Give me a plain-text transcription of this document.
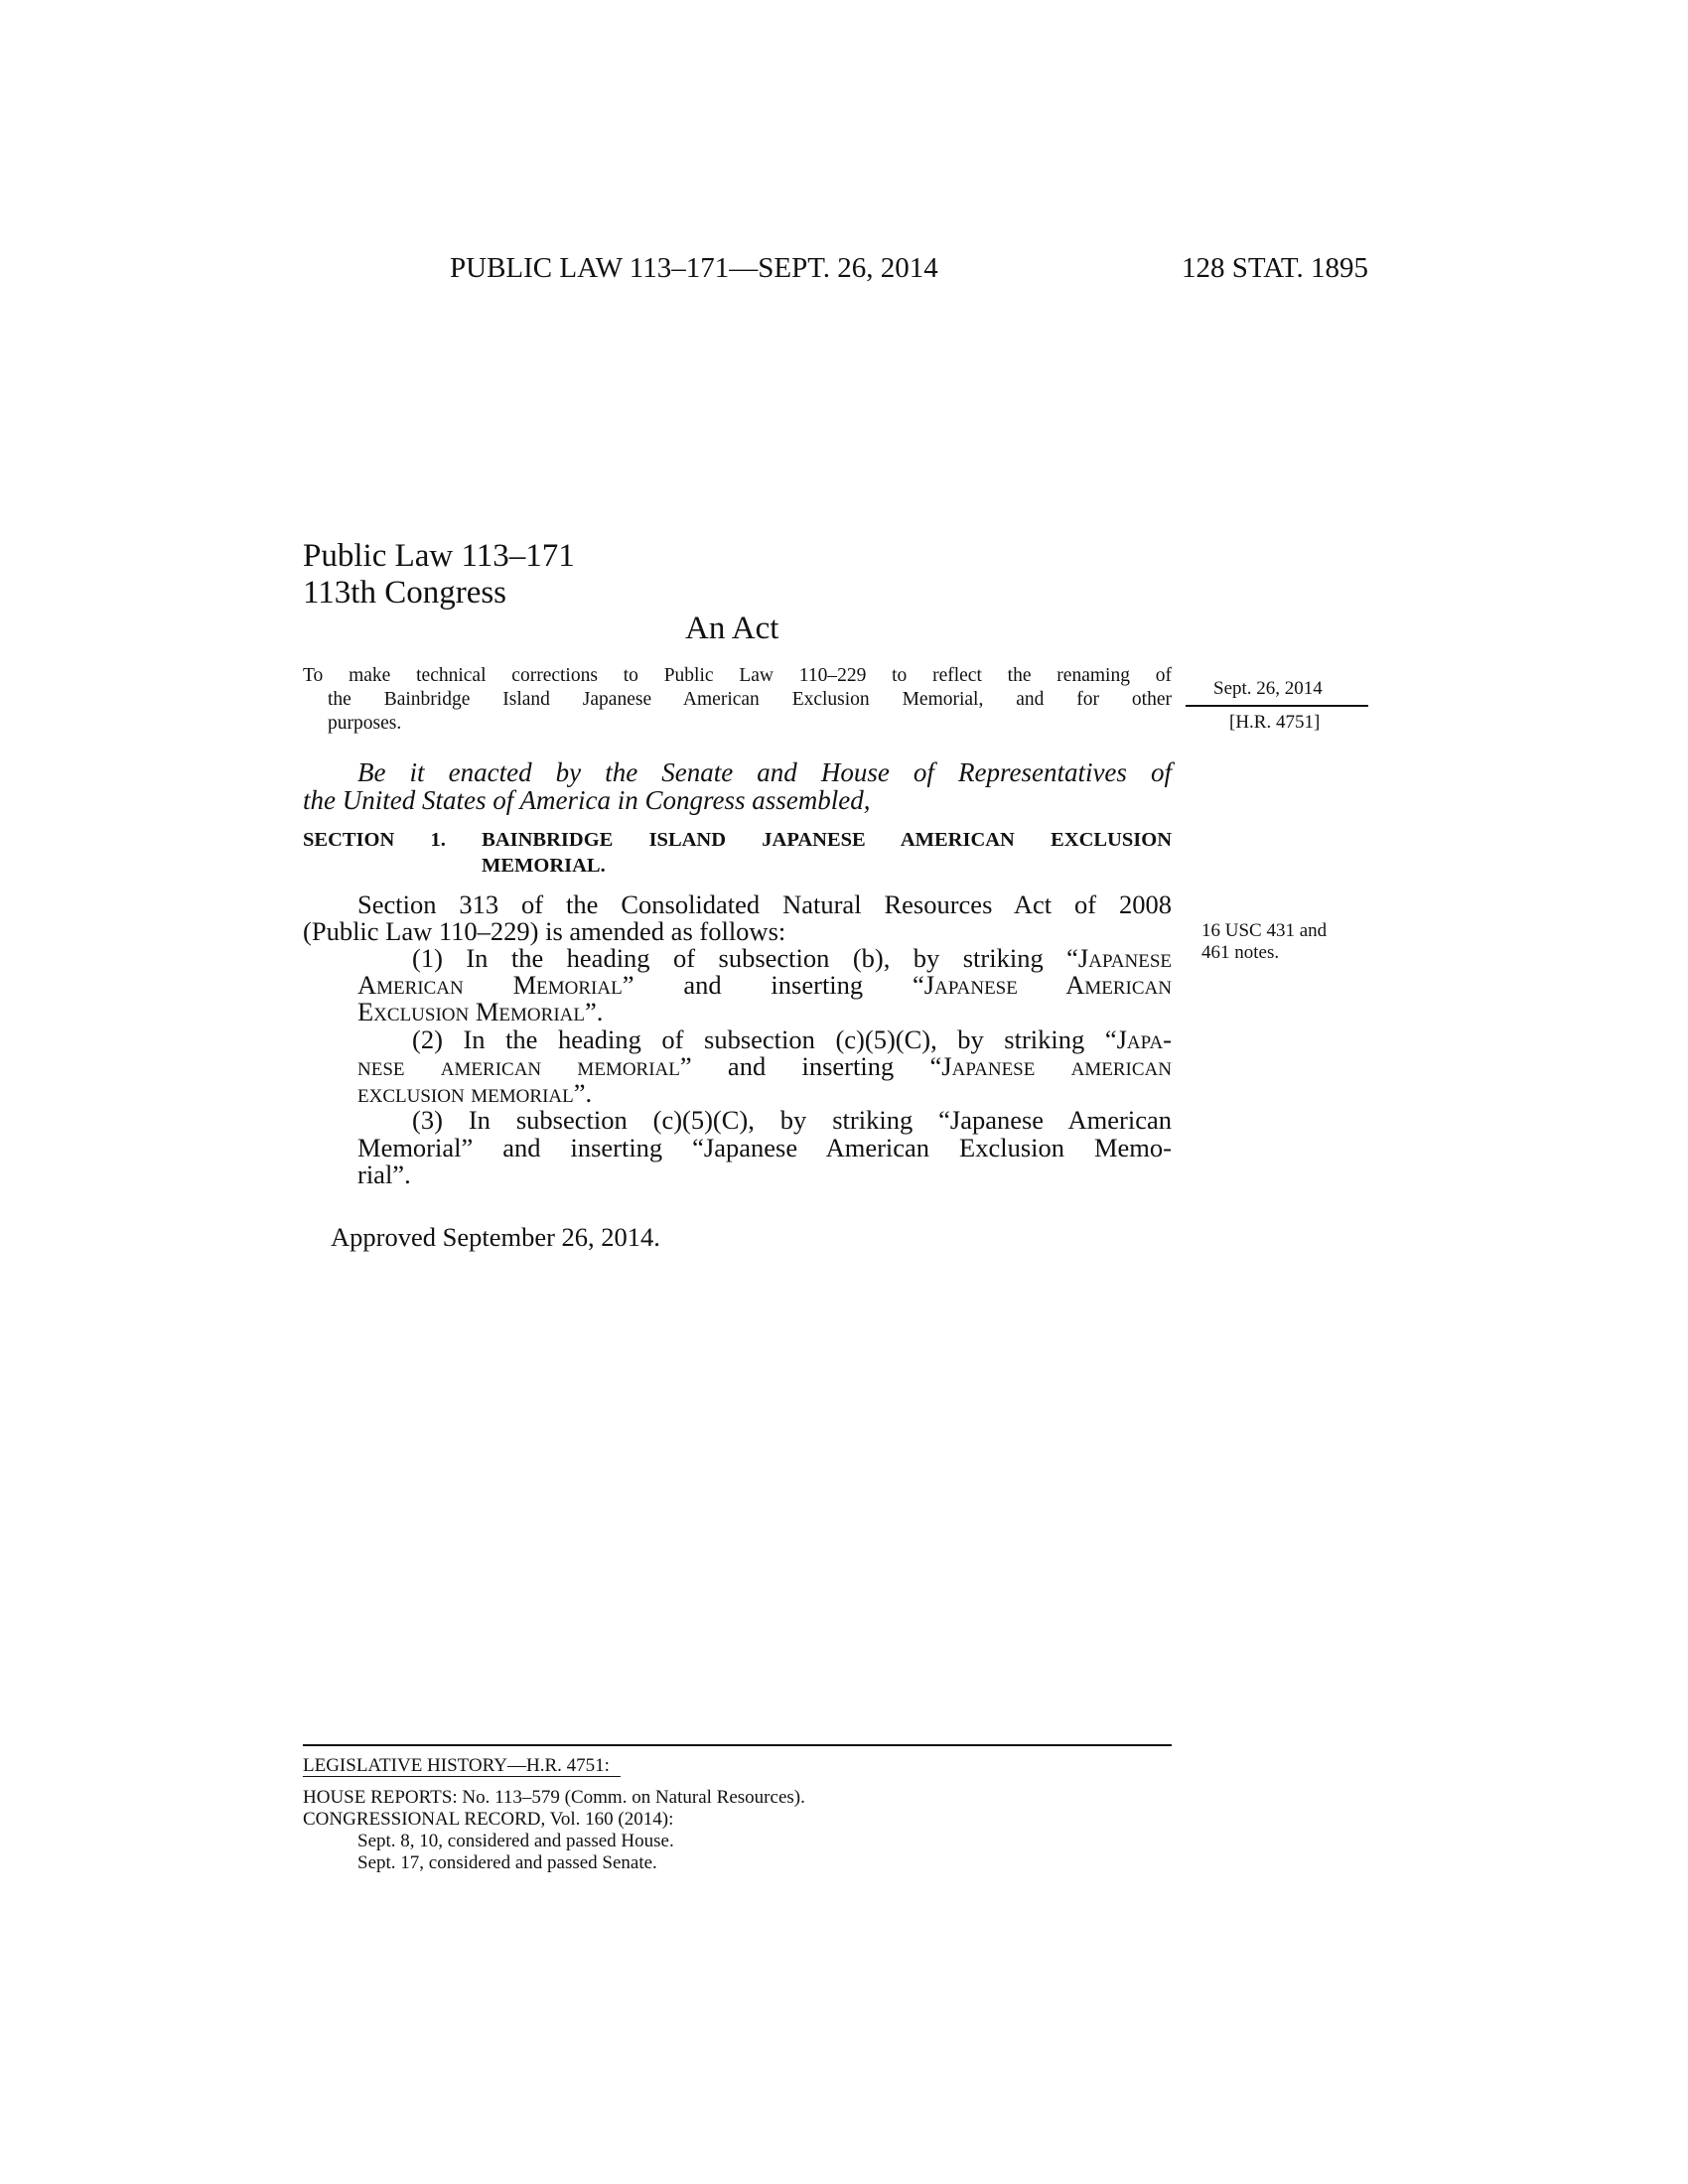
PUBLIC LAW 113–171—SEPT. 26, 2014	128 STAT. 1895
Public Law 113–171
113th Congress
An Act
To make technical corrections to Public Law 110–229 to reflect the renaming of
the Bainbridge Island Japanese American Exclusion Memorial, and for other
purposes.
Sept. 26, 2014
[H.R. 4751]
Be it enacted by the Senate and House of Representatives of
the United States of America in Congress assembled,
SECTION 1. BAINBRIDGE ISLAND JAPANESE AMERICAN EXCLUSION
MEMORIAL.
Section 313 of the Consolidated Natural Resources Act of 2008
(Public Law 110–229) is amended as follows:
(1) In the heading of subsection (b), by striking “Japanese
American Memorial” and inserting “Japanese American
Exclusion Memorial”.
(2) In the heading of subsection (c)(5)(C), by striking “Japa-
nese american memorial” and inserting “Japanese american
exclusion memorial”.
(3) In subsection (c)(5)(C), by striking “Japanese American
Memorial” and inserting “Japanese American Exclusion Memo-
rial”.
16 USC 431 and
461 notes.
Approved September 26, 2014.
LEGISLATIVE HISTORY—H.R. 4751:
HOUSE REPORTS: No. 113–579 (Comm. on Natural Resources).
CONGRESSIONAL RECORD, Vol. 160 (2014):
Sept. 8, 10, considered and passed House.
Sept. 17, considered and passed Senate.
